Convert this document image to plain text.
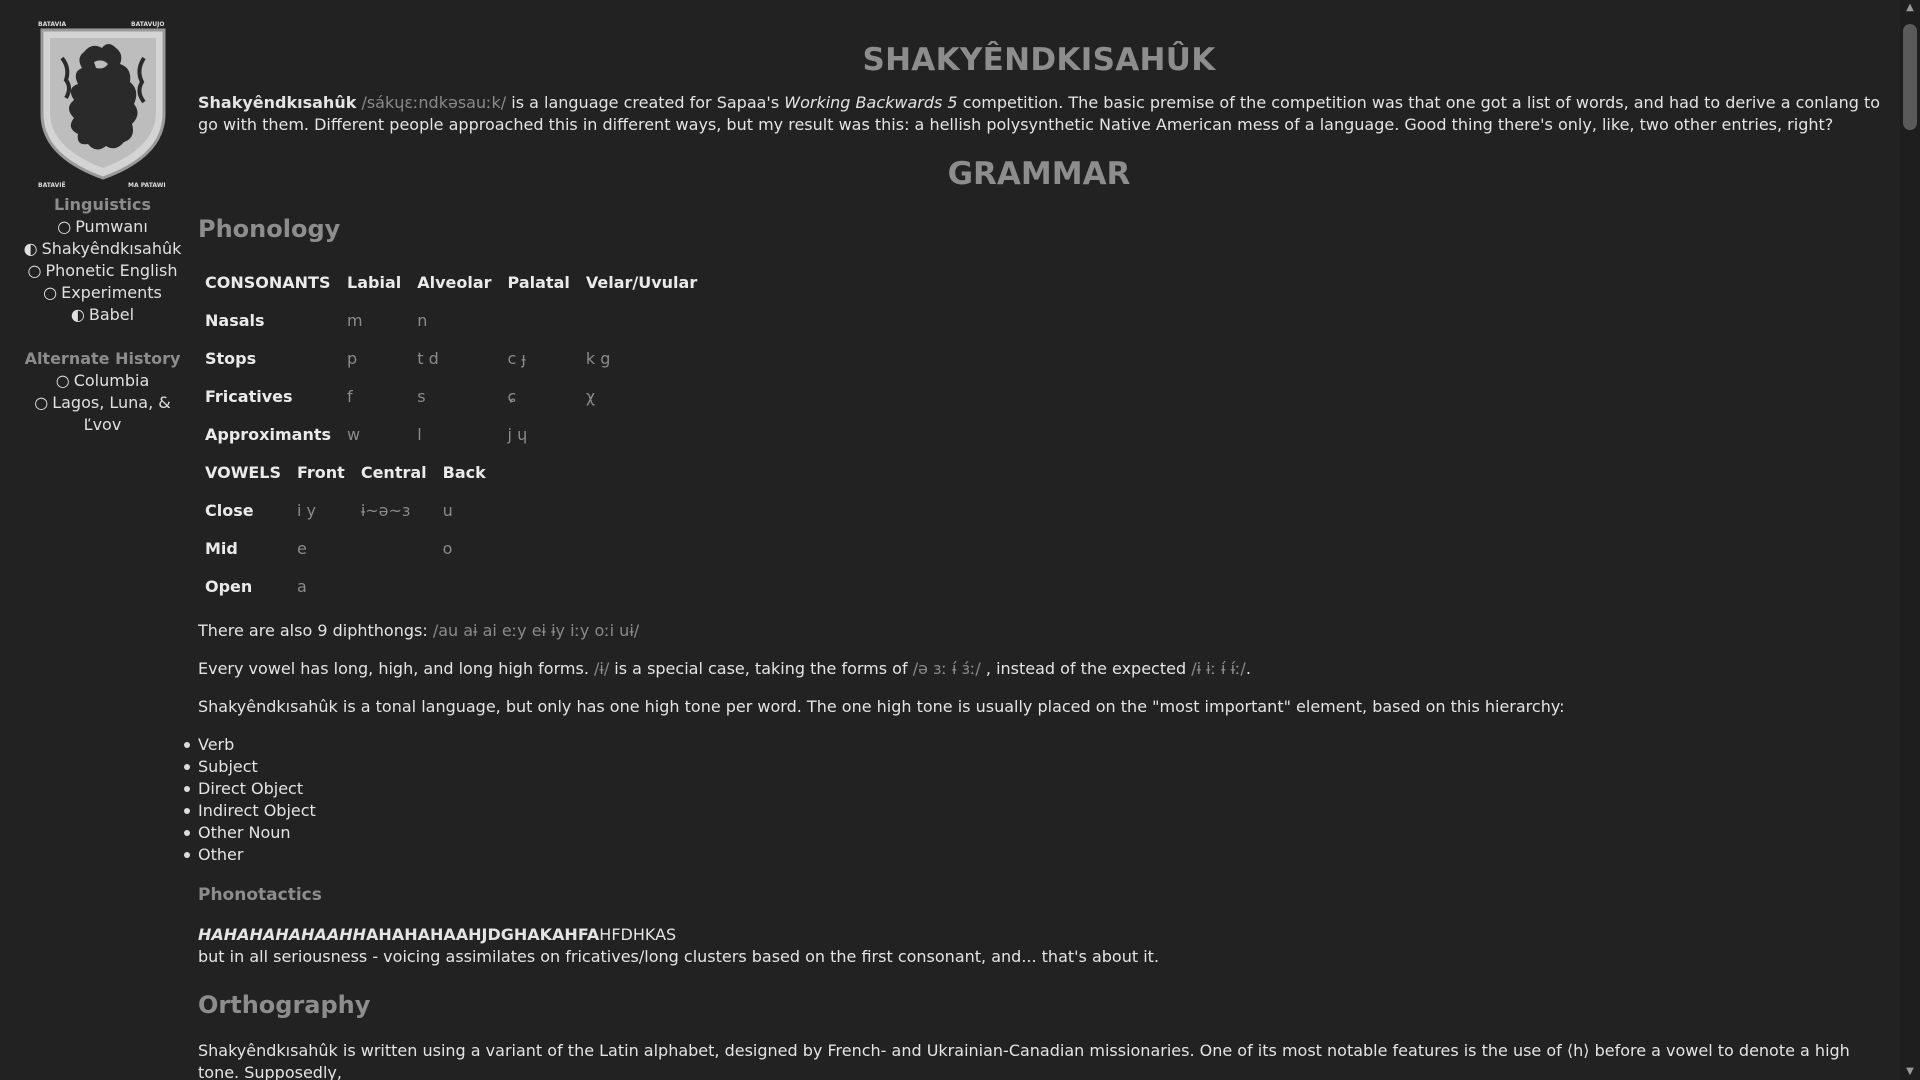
BATAVIA	BATAVUJO
BATAVIË	MA PATAWI
Linguistics
○ Pumwanı
◐ Shakyêndkısahûk
○ Phonetic English
○ Experiments
◐ Babel
Alternate History
○ Columbia
○ Lagos, Luna, &
Ľvov
SHAKYÊNDKISAHÛK

Shakyêndkısahûk /sákɥɛːndkəsauːk/ is a language created for Sapaa's Working Backwards 5 competition. The basic premise of the competition was that one got a list of words, and had to derive a conlang to go with them. Different people approached this in different ways, but my result was this: a hellish polysynthetic Native American mess of a language. Good thing there's only, like, two other entries, right?

GRAMMAR
Phonology
CONSONANTS	Labial	Alveolar	Palatal	Velar/Uvular
Nasals	m	n		
Stops	p	t d	c ɟ	k g
Fricatives	f	s	ɕ	χ
Approximants	w	l	j ɥ	
VOWELS	Front	Central	Back
Close	i y	ɨ~ə~ɜ	u
Mid	e		o
Open	a		

There are also 9 diphthongs: /au aɨ ai eːy eɨ ɨy iːy oːi uɨ/

Every vowel has long, high, and long high forms. /ɨ/ is a special case, taking the forms of /ə ɜː ɨ́ ɜ́ː/ , instead of the expected /ɨ ɨː ɨ́ ɨ́ː/.

Shakyêndkısahûk is a tonal language, but only has one high tone per word. The one high tone is usually placed on the "most important" element, based on this hierarchy:

Verb
Subject
Direct Object
Indirect Object
Other Noun
Other
Phonotactics

HAHAHAHAHAAHHAHAHAHAAHJDGHAKAHFAHFDHKAS
but in all seriousness - voicing assimilates on fricatives/long clusters based on the first consonant, and... that's about it.

Orthography

Shakyêndkısahûk is written using a variant of the Latin alphabet, designed by French- and Ukrainian-Canadian missionaries. One of its most notable features is the use of ⟨h⟩ before a vowel to denote a high tone. Supposedly,

▲
▼
